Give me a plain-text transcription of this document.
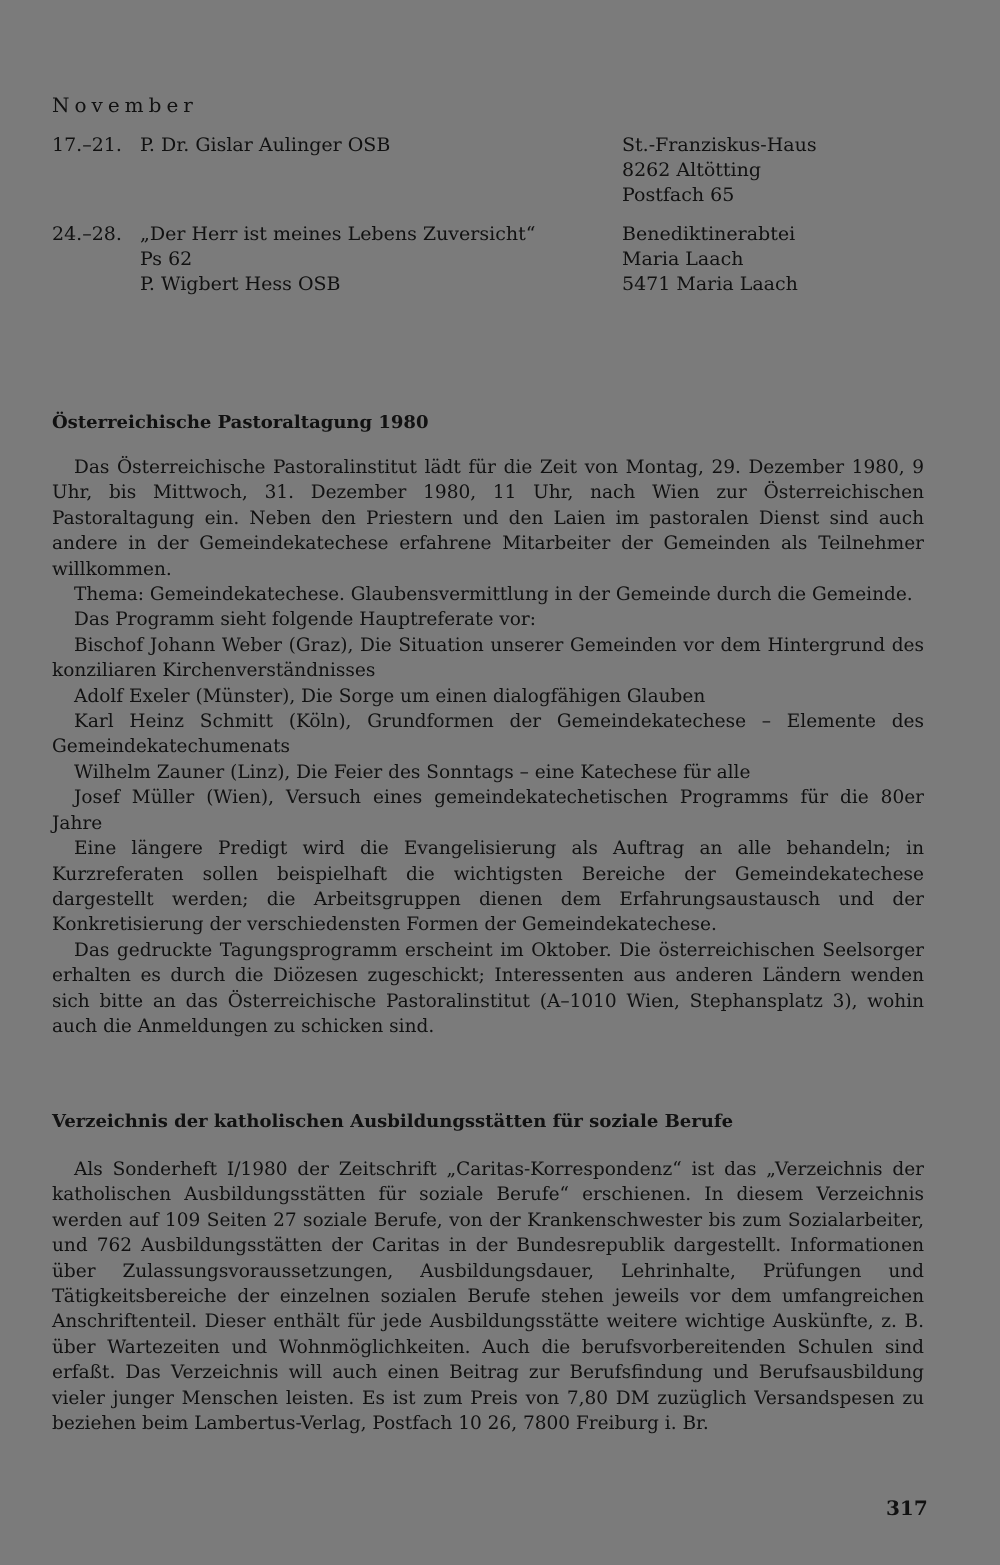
November
17.–21. P. Dr. Gislar Aulinger OSB	St.-Franziskus-Haus
8262 Altötting
Postfach 65
24.–28. „Der Herr ist meines Lebens Zuversicht“
Ps 62
P. Wigbert Hess OSB
Benediktinerabtei
Maria Laach
5471 Maria Laach
Österreichische Pastoraltagung 1980

Das Österreichische Pastoralinstitut lädt für die Zeit von Montag, 29. Dezember 1980, 9 Uhr, bis Mittwoch, 31. Dezember 1980, 11 Uhr, nach Wien zur Österreichischen Pastoraltagung ein. Neben den Priestern und den Laien im pastoralen Dienst sind auch andere in der Gemeindekatechese erfahrene Mitarbeiter der Gemeinden als Teilnehmer willkommen.

Thema: Gemeindekatechese. Glaubensvermittlung in der Gemeinde durch die Gemeinde.

Das Programm sieht folgende Hauptreferate vor:

Bischof Johann Weber (Graz), Die Situation unserer Gemeinden vor dem Hintergrund des konziliaren Kirchenverständnisses

Adolf Exeler (Münster), Die Sorge um einen dialogfähigen Glauben

Karl Heinz Schmitt (Köln), Grundformen der Gemeindekatechese – Elemente des Gemeindekatechumenats

Wilhelm Zauner (Linz), Die Feier des Sonntags – eine Katechese für alle

Josef Müller (Wien), Versuch eines gemeindekatechetischen Programms für die 80er Jahre

Eine längere Predigt wird die Evangelisierung als Auftrag an alle behandeln; in Kurzreferaten sollen beispielhaft die wichtigsten Bereiche der Gemeindekatechese dargestellt werden; die Arbeitsgruppen dienen dem Erfahrungsaustausch und der Konkretisierung der verschiedensten Formen der Gemeindekatechese.

Das gedruckte Tagungsprogramm erscheint im Oktober. Die österreichischen Seelsorger erhalten es durch die Diözesen zugeschickt; Interessenten aus anderen Ländern wenden sich bitte an das Österreichische Pastoralinstitut (A–1010 Wien, Stephansplatz 3), wohin auch die Anmeldungen zu schicken sind.

Verzeichnis der katholischen Ausbildungsstätten für soziale Berufe

Als Sonderheft I/1980 der Zeitschrift „Caritas-Korrespondenz“ ist das „Verzeichnis der katholischen Ausbildungsstätten für soziale Berufe“ erschienen. In diesem Verzeichnis werden auf 109 Seiten 27 soziale Berufe, von der Krankenschwester bis zum Sozialarbeiter, und 762 Ausbildungsstätten der Caritas in der Bundesrepublik dargestellt. Informationen über Zulassungsvoraussetzungen, Ausbildungsdauer, Lehrinhalte, Prüfungen und Tätigkeitsbereiche der einzelnen sozialen Berufe stehen jeweils vor dem umfangreichen Anschriftenteil. Dieser enthält für jede Ausbildungsstätte weitere wichtige Auskünfte, z. B. über Wartezeiten und Wohnmöglichkeiten. Auch die berufsvorbereitenden Schulen sind erfaßt. Das Verzeichnis will auch einen Beitrag zur Berufsfindung und Berufsausbildung vieler junger Menschen leisten. Es ist zum Preis von 7,80 DM zuzüglich Versandspesen zu beziehen beim Lambertus-Verlag, Postfach 10 26, 7800 Freiburg i. Br.

317
